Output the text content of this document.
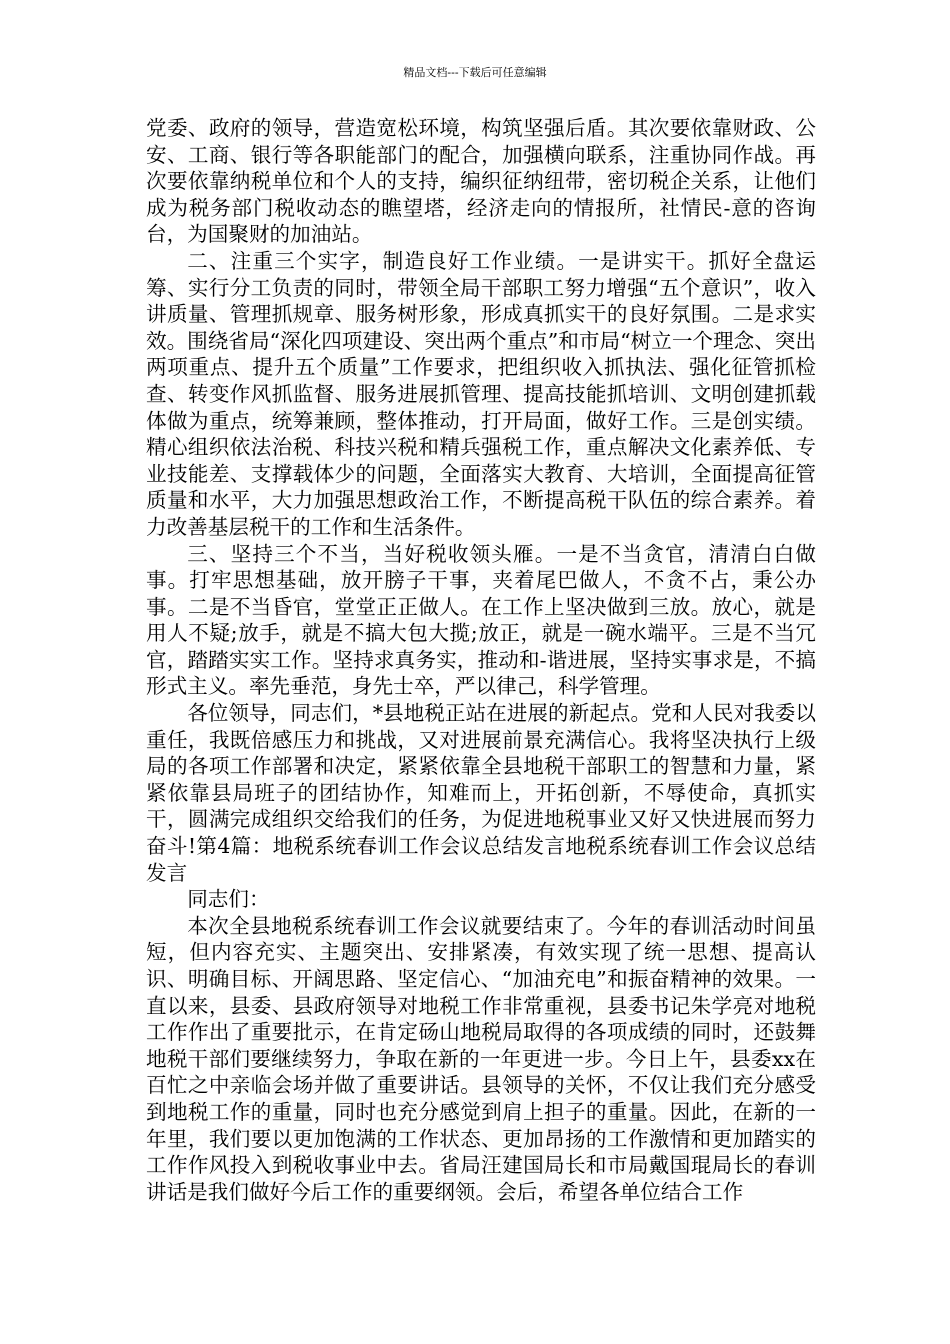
精品文档---下载后可任意编辑

党委、政府的领导，营造宽松环境，构筑坚强后盾。其次要依靠财政、公安、工商、银行等各职能部门的配合，加强横向联系，注重协同作战。再次要依靠纳税单位和个人的支持，编织征纳纽带，密切税企关系，让他们成为税务部门税收动态的瞧望塔，经济走向的情报所，社情民-意的咨询台，为国聚财的加油站。

二、注重三个实字，制造良好工作业绩。一是讲实干。抓好全盘运筹、实行分工负责的同时，带领全局干部职工努力增强“五个意识”，收入讲质量、管理抓规章、服务树形象，形成真抓实干的良好氛围。二是求实效。围绕省局“深化四项建设、突出两个重点”和市局“树立一个理念、突出两项重点、提升五个质量”工作要求，把组织收入抓执法、强化征管抓检查、转变作风抓监督、服务进展抓管理、提高技能抓培训、文明创建抓载体做为重点，统筹兼顾，整体推动，打开局面，做好工作。三是创实绩。精心组织依法治税、科技兴税和精兵强税工作，重点解决文化素养低、专业技能差、支撑载体少的问题，全面落实大教育、大培训，全面提高征管质量和水平，大力加强思想政治工作，不断提高税干队伍的综合素养。着力改善基层税干的工作和生活条件。

三、坚持三个不当，当好税收领头雁。一是不当贪官，清清白白做事。打牢思想基础，放开膀子干事，夹着尾巴做人，不贪不占，秉公办事。二是不当昏官，堂堂正正做人。在工作上坚决做到三放。放心，就是用人不疑;放手，就是不搞大包大揽;放正，就是一碗水端平。三是不当冗官，踏踏实实工作。坚持求真务实，推动和-谐进展，坚持实事求是，不搞形式主义。率先垂范，身先士卒，严以律己，科学管理。

各位领导，同志们，*县地税正站在进展的新起点。党和人民对我委以重任，我既倍感压力和挑战，又对进展前景充满信心。我将坚决执行上级局的各项工作部署和决定，紧紧依靠全县地税干部职工的智慧和力量，紧紧依靠县局班子的团结协作，知难而上，开拓创新，不辱使命，真抓实干，圆满完成组织交给我们的任务，为促进地税事业又好又快进展而努力奋斗!第4篇：地税系统春训工作会议总结发言地税系统春训工作会议总结发言

同志们：

本次全县地税系统春训工作会议就要结束了。今年的春训活动时间虽短，但内容充实、主题突出、安排紧凑，有效实现了统一思想、提高认识、明确目标、开阔思路、坚定信心、“加油充电”和振奋精神的效果。一直以来，县委、县政府领导对地税工作非常重视，县委书记朱学亮对地税工作作出了重要批示，在肯定砀山地税局取得的各项成绩的同时，还鼓舞地税干部们要继续努力，争取在新的一年更进一步。今日上午，县委xx在百忙之中亲临会场并做了重要讲话。县领导的关怀，不仅让我们充分感受到地税工作的重量，同时也充分感觉到肩上担子的重量。因此，在新的一年里，我们要以更加饱满的工作状态、更加昂扬的工作激情和更加踏实的工作作风投入到税收事业中去。省局汪建国局长和市局戴国琨局长的春训讲话是我们做好今后工作的重要纲领。会后，希望各单位结合工作
